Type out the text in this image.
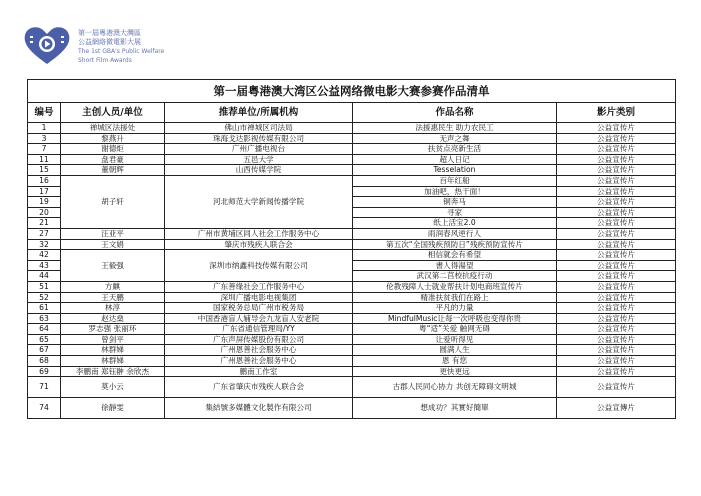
第一屆粵港澳大灣區
公益網絡微電影大展
The 1st GBA's Public Welfare
Short Film Awards
第一届粤港澳大湾区公益网络微电影大赛参赛作品清单				
编号	主创人员/单位	推荐单位/所属机构	作品名称	影片类别
1	禅城区法援处	佛山市禅城区司法局	法援惠民生 助力农民工	公益宣传片
3	黎燕升	珠海戈达影视传媒有限公司	无声之舞	公益宣传片
7	谢德炬	广州广播电视台	扶贫点亮新生活	公益宣传片
11	盘君豪	五邑大学	超人日记	公益宣传片
15	董朝辉	山西传媒学院	Tesselation	公益宣传片
16	胡子轩	河北师范大学新闻传播学院	百年红船	公益宣传片
17			加油吧，热干面！	公益宣传片
19			铜奔马	公益宣传片
20			寻家	公益宣传片
21			纸上活宝2.0	公益宣传片
27	汪亚平	广州市黄埔区同人社会工作服务中心	雨润春风逆行人	公益宣传片
32	王文娟	肇庆市残疾人联合会	第五次“全国残疾预防日”残疾预防宣传片	公益宣传片
42	王毅强	深圳市纳鑫科技传媒有限公司	相信就会有希望	公益宣传片
43			書人得湯望	公益宣传片
44			武汉第二莒校抗疫行动	公益宣传片
51	方麒	广东善缘社会工作服务中心	伦教残障人士就业帮扶计划电商班宣传片	公益宣传片
52	王天鹏	深圳广播电影电视集团	精准扶贫我们在路上	公益宣传片
61	林淳	国家税务总局广州市税务局	平凡的力量	公益宣传片
63	赵达燊	中国香港盲人辅导会九龙盲人安老院	MindfulMusic让每一次呼吸也变得你贵	公益宣传片
64	罗志强 张丽环	广东省通信管理局/YY	粤“适”关爱 触网无碍	公益宣传片
65	曾剑平	广东声屏传媒股份有限公司	让爱听得见	公益宣传片
67	林群娣	广州恩善社会服务中心	圆满人生	公益宣传片
68	林群娣	广州恩善社会服务中心	恩 有您	公益宣传片
69	李鹏南 郑钰翀 余欣杰	鹏南工作室	更快更远	公益宣传片
71	莫小云	广东省肇庆市残疾人联合会	古郡人民同心协力 共创无障碍文明城	公益宣传片
74	徐靜雯	集結號多媒體文化製作有限公司	想成功？其實好簡單	公益宣傳片
